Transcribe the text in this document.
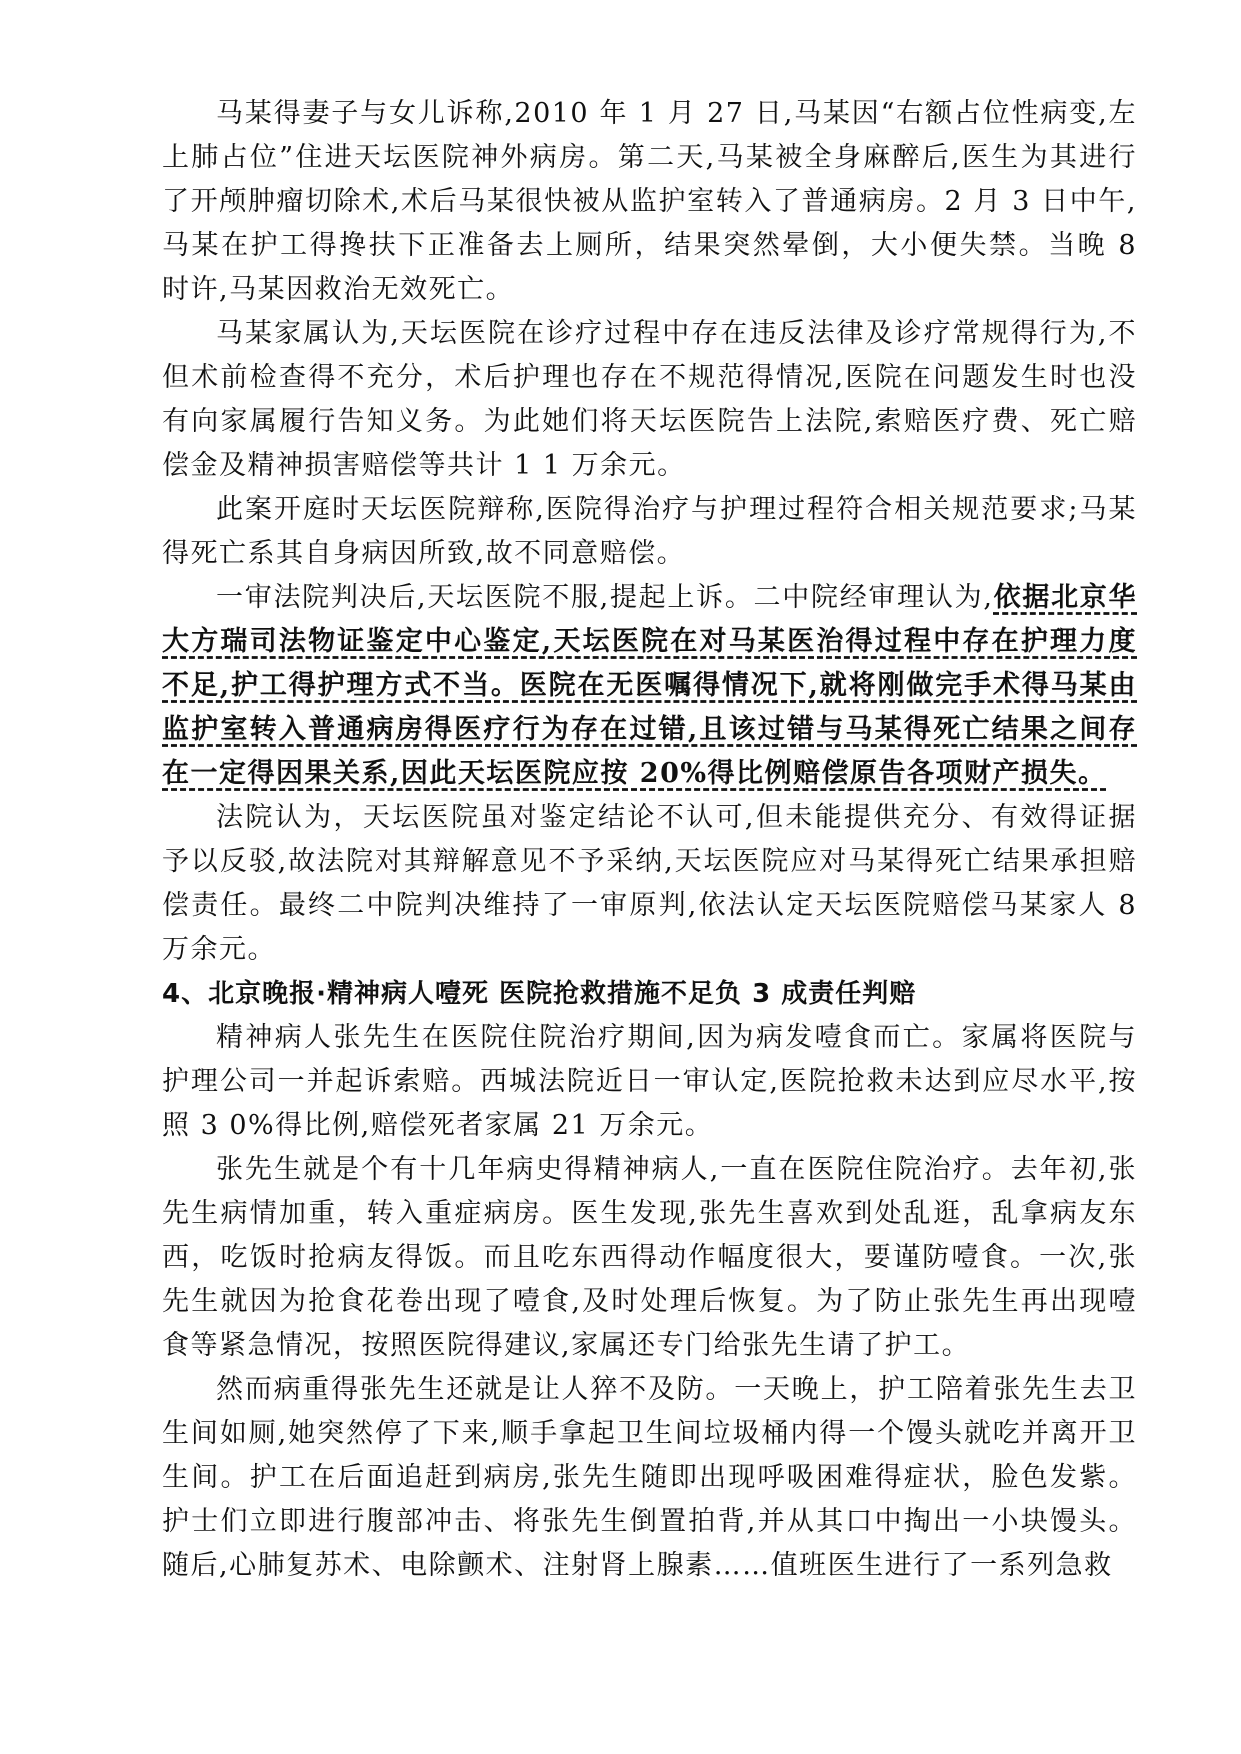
马某得妻子与女儿诉称,2010 年 1 月 27 日,马某因“右额占位性病变,左上肺占位”住进天坛医院神外病房。第二天,马某被全身麻醉后,医生为其进行了开颅肿瘤切除术,术后马某很快被从监护室转入了普通病房。2 月 3 日中午,马某在护工得搀扶下正准备去上厕所，结果突然晕倒，大小便失禁。当晚 8 时许,马某因救治无效死亡。

马某家属认为,天坛医院在诊疗过程中存在违反法律及诊疗常规得行为,不但术前检查得不充分，术后护理也存在不规范得情况,医院在问题发生时也没有向家属履行告知义务。为此她们将天坛医院告上法院,索赔医疗费、死亡赔偿金及精神损害赔偿等共计 1 1 万余元。

此案开庭时天坛医院辩称,医院得治疗与护理过程符合相关规范要求;马某得死亡系其自身病因所致,故不同意赔偿。

一审法院判决后,天坛医院不服,提起上诉。二中院经审理认为,依据北京华大方瑞司法物证鉴定中心鉴定,天坛医院在对马某医治得过程中存在护理力度不足,护工得护理方式不当。医院在无医嘱得情况下,就将刚做完手术得马某由监护室转入普通病房得医疗行为存在过错,且该过错与马某得死亡结果之间存在一定得因果关系,因此天坛医院应按 20%得比例赔偿原告各项财产损失。

法院认为，天坛医院虽对鉴定结论不认可,但未能提供充分、有效得证据予以反驳,故法院对其辩解意见不予采纳,天坛医院应对马某得死亡结果承担赔偿责任。最终二中院判决维持了一审原判,依法认定天坛医院赔偿马某家人 8 万余元。

4、北京晚报·精神病人噎死 医院抢救措施不足负 3 成责任判赔

精神病人张先生在医院住院治疗期间,因为病发噎食而亡。家属将医院与护理公司一并起诉索赔。西城法院近日一审认定,医院抢救未达到应尽水平,按照 3 0%得比例,赔偿死者家属 21 万余元。

张先生就是个有十几年病史得精神病人,一直在医院住院治疗。去年初,张先生病情加重，转入重症病房。医生发现,张先生喜欢到处乱逛，乱拿病友东西，吃饭时抢病友得饭。而且吃东西得动作幅度很大，要谨防噎食。一次,张先生就因为抢食花卷出现了噎食,及时处理后恢复。为了防止张先生再出现噎食等紧急情况，按照医院得建议,家属还专门给张先生请了护工。

然而病重得张先生还就是让人猝不及防。一天晚上，护工陪着张先生去卫生间如厕,她突然停了下来,顺手拿起卫生间垃圾桶内得一个馒头就吃并离开卫生间。护工在后面追赶到病房,张先生随即出现呼吸困难得症状，脸色发紫。护士们立即进行腹部冲击、将张先生倒置拍背,并从其口中掏出一小块馒头。随后,心肺复苏术、电除颤术、注射肾上腺素……值班医生进行了一系列急救
